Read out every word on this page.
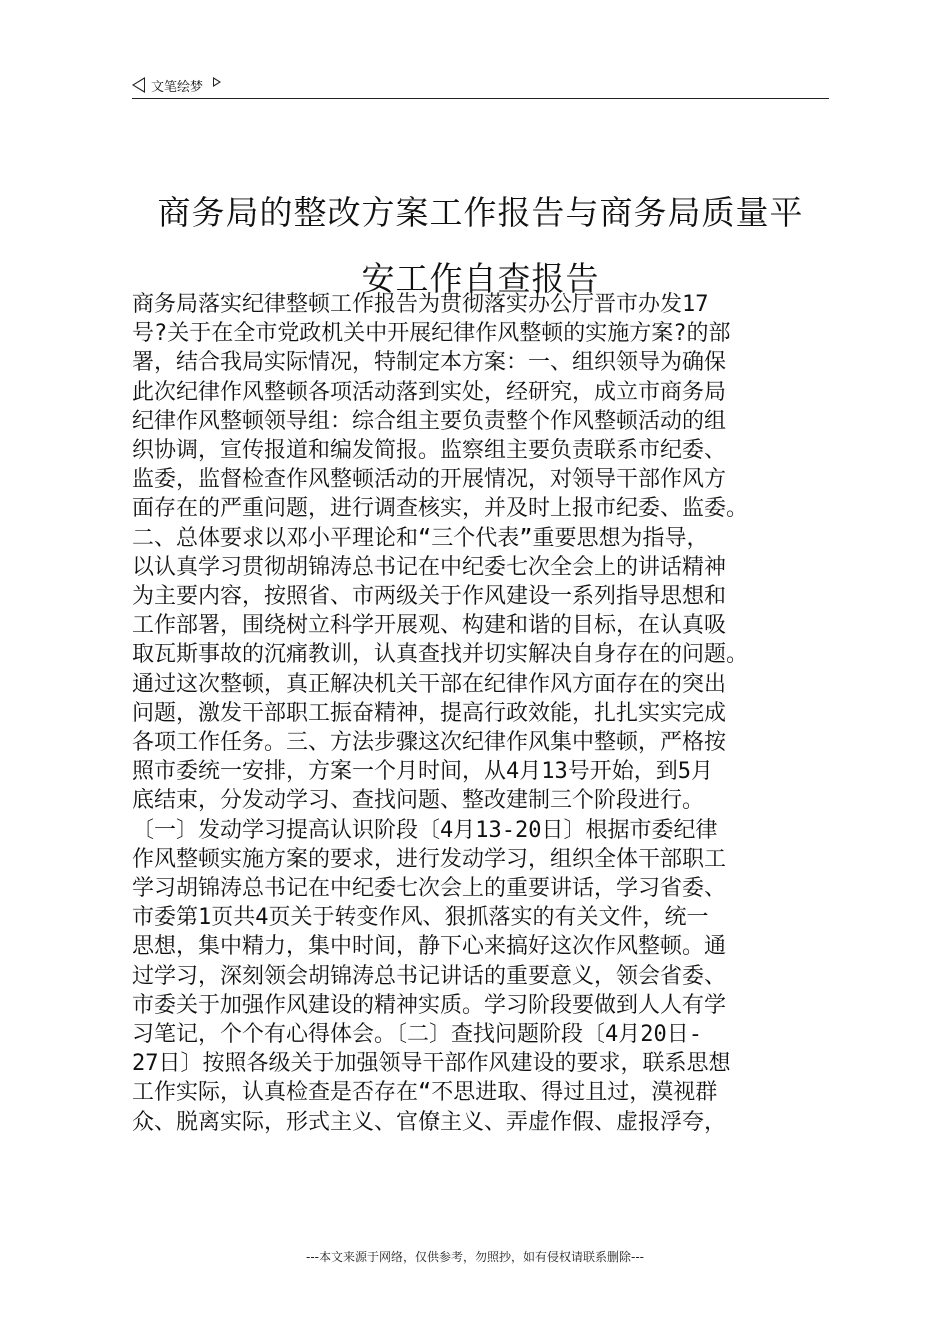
文笔绘梦
商务局的整改方案工作报告与商务局质量平
安工作自查报告
商务局落实纪律整顿工作报告为贯彻落实办公厅晋市办发17
号?关于在全市党政机关中开展纪律作风整顿的实施方案?的部
署，结合我局实际情况，特制定本方案：一、组织领导为确保
此次纪律作风整顿各项活动落到实处，经研究，成立市商务局
纪律作风整顿领导组：综合组主要负责整个作风整顿活动的组
织协调，宣传报道和编发简报。监察组主要负责联系市纪委、
监委，监督检查作风整顿活动的开展情况，对领导干部作风方
面存在的严重问题，进行调查核实，并及时上报市纪委、监委。
二、总体要求以邓小平理论和“三个代表”重要思想为指导，
以认真学习贯彻胡锦涛总书记在中纪委七次全会上的讲话精神
为主要内容，按照省、市两级关于作风建设一系列指导思想和
工作部署，围绕树立科学开展观、构建和谐的目标，在认真吸
取瓦斯事故的沉痛教训，认真查找并切实解决自身存在的问题。
通过这次整顿，真正解决机关干部在纪律作风方面存在的突出
问题，激发干部职工振奋精神，提高行政效能，扎扎实实完成
各项工作任务。三、方法步骤这次纪律作风集中整顿，严格按
照市委统一安排，方案一个月时间，从4月13号开始，到5月
底结束，分发动学习、查找问题、整改建制三个阶段进行。
〔一〕发动学习提高认识阶段〔4月13-20日〕根据市委纪律
作风整顿实施方案的要求，进行发动学习，组织全体干部职工
学习胡锦涛总书记在中纪委七次会上的重要讲话，学习省委、
市委第1页共4页关于转变作风、狠抓落实的有关文件，统一
思想，集中精力，集中时间，静下心来搞好这次作风整顿。通
过学习，深刻领会胡锦涛总书记讲话的重要意义，领会省委、
市委关于加强作风建设的精神实质。学习阶段要做到人人有学
习笔记，个个有心得体会。〔二〕查找问题阶段〔4月20日-
27日〕按照各级关于加强领导干部作风建设的要求，联系思想
工作实际，认真检查是否存在“不思进取、得过且过，漠视群
众、脱离实际，形式主义、官僚主义、弄虚作假、虚报浮夸，
---本文来源于网络，仅供参考，勿照抄，如有侵权请联系删除---
